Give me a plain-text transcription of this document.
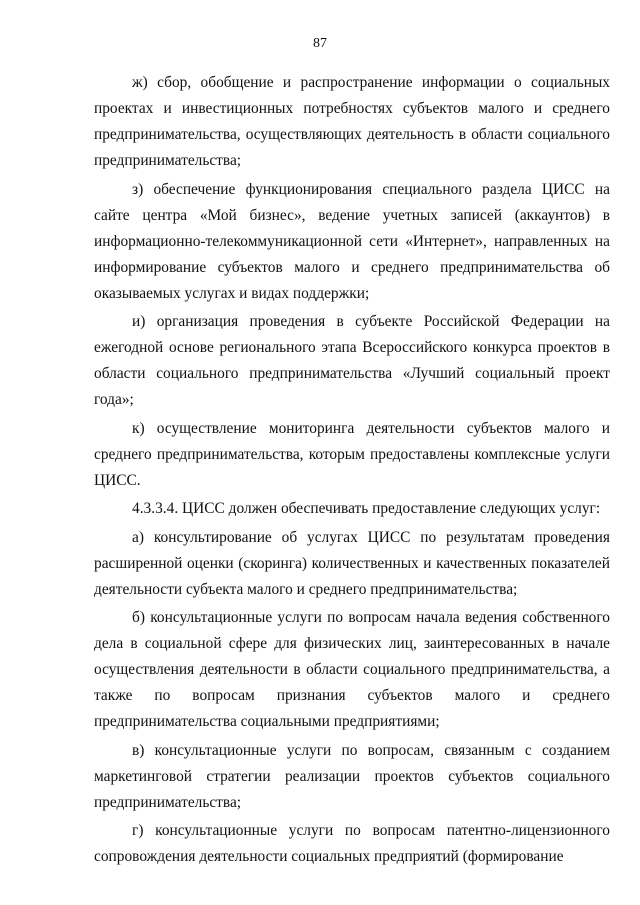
87

ж) сбор, обобщение и распространение информации о социальных проектах и инвестиционных потребностях субъектов малого и среднего предпринимательства, осуществляющих деятельность в области социального предпринимательства;

з) обеспечение функционирования специального раздела ЦИСС на сайте центра «Мой бизнес», ведение учетных записей (аккаунтов) в информационно-телекоммуникационной сети «Интернет», направленных на информирование субъектов малого и среднего предпринимательства об оказываемых услугах и видах поддержки;

и) организация проведения в субъекте Российской Федерации на ежегодной основе регионального этапа Всероссийского конкурса проектов в области социального предпринимательства «Лучший социальный проект года»;

к) осуществление мониторинга деятельности субъектов малого и среднего предпринимательства, которым предоставлены комплексные услуги ЦИСС.

4.3.3.4. ЦИСС должен обеспечивать предоставление следующих услуг:

а) консультирование об услугах ЦИСС по результатам проведения расширенной оценки (скоринга) количественных и качественных показателей деятельности субъекта малого и среднего предпринимательства;

б) консультационные услуги по вопросам начала ведения собственного дела в социальной сфере для физических лиц, заинтересованных в начале осуществления деятельности в области социального предпринимательства, а также по вопросам признания субъектов малого и среднего предпринимательства социальными предприятиями;

в) консультационные услуги по вопросам, связанным с созданием маркетинговой стратегии реализации проектов субъектов социального предпринимательства;

г) консультационные услуги по вопросам патентно-лицензионного сопровождения деятельности социальных предприятий (формирование
